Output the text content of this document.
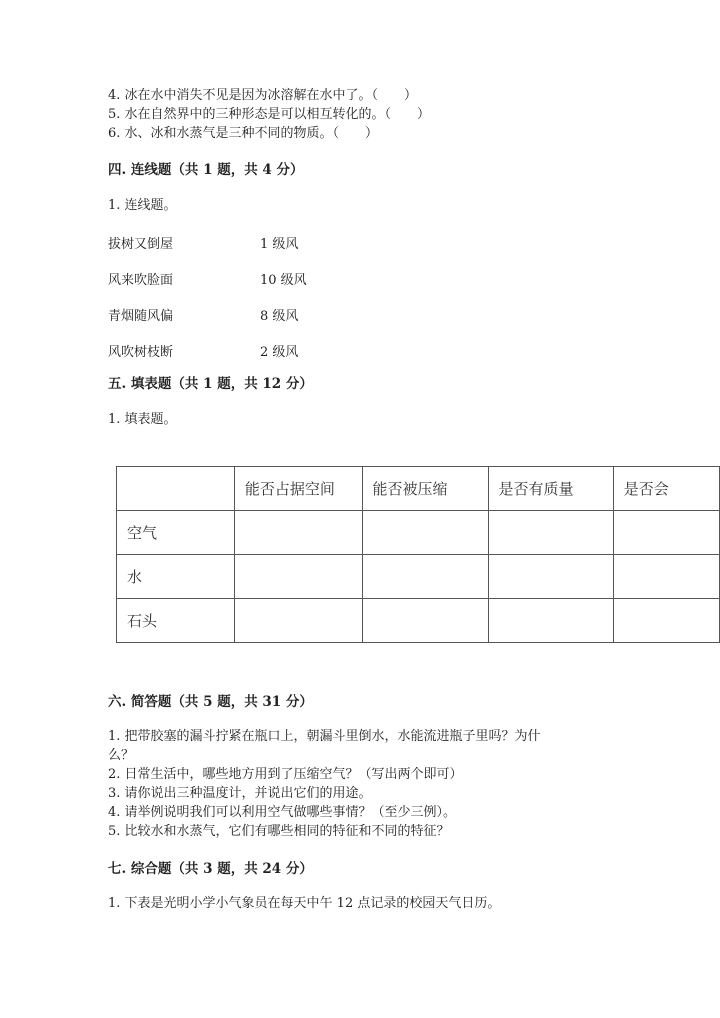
4. 冰在水中消失不见是因为冰溶解在水中了。（　　）
5. 水在自然界中的三种形态是可以相互转化的。（　　）
6. 水、冰和水蒸气是三种不同的物质。（　　）
四. 连线题（共 1 题，共 4 分）
1. 连线题。
拔树又倒屋	1 级风
风来吹脸面	10 级风
青烟随风偏	8 级风
风吹树枝断	2 级风
五. 填表题（共 1 题，共 12 分）
1. 填表题。
	能否占据空间	能否被压缩	是否有质量	是否会
空气				
水				
石头				
六. 简答题（共 5 题，共 31 分）
1. 把带胶塞的漏斗拧紧在瓶口上，朝漏斗里倒水，水能流进瓶子里吗？为什
么？
2. 日常生活中，哪些地方用到了压缩空气？（写出两个即可）
3. 请你说出三种温度计，并说出它们的用途。
4. 请举例说明我们可以利用空气做哪些事情？（至少三例）。
5. 比较水和水蒸气，它们有哪些相同的特征和不同的特征？
七. 综合题（共 3 题，共 24 分）
1. 下表是光明小学小气象员在每天中午 12 点记录的校园天气日历。
